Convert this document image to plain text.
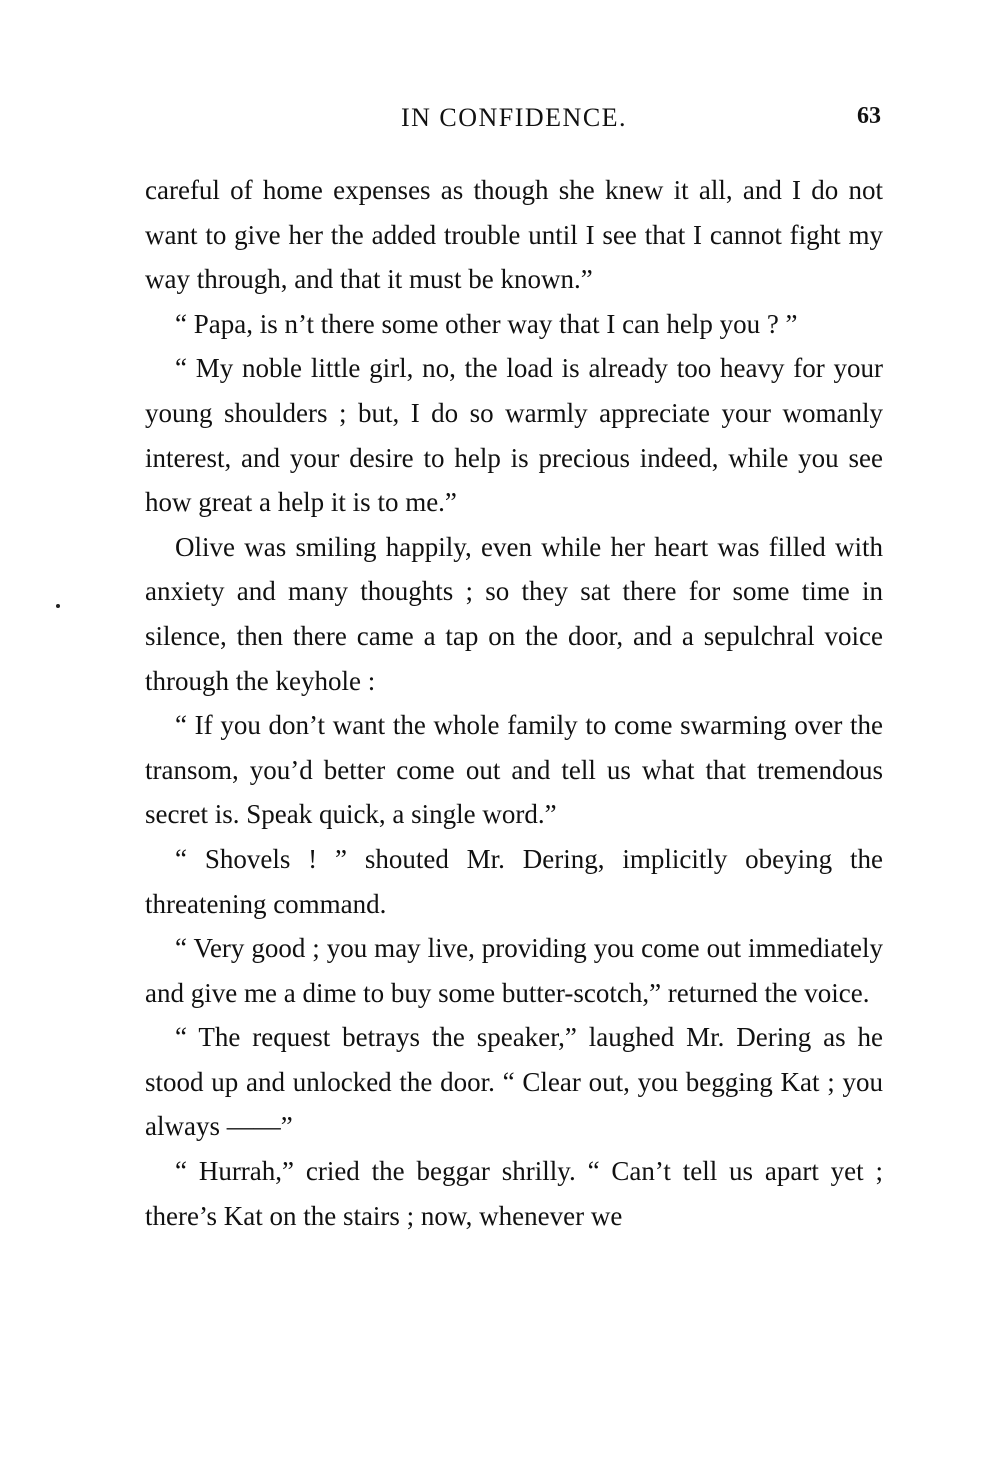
IN CONFIDENCE.	63

careful of home expenses as though she knew it all, and I do not want to give her the added trouble until I see that I cannot fight my way through, and that it must be known.”

“ Papa, is n’t there some other way that I can help you ? ”

“ My noble little girl, no, the load is already too heavy for your young shoulders ; but, I do so warmly appreciate your womanly interest, and your desire to help is precious indeed, while you see how great a help it is to me.”

Olive was smiling happily, even while her heart was filled with anxiety and many thoughts ; so they sat there for some time in silence, then there came a tap on the door, and a sepulchral voice through the keyhole :

“ If you don’t want the whole family to come swarming over the transom, you’d better come out and tell us what that tremendous secret is. Speak quick, a single word.”

“ Shovels ! ” shouted Mr. Dering, implicitly obeying the threatening command.

“ Very good ; you may live, providing you come out immediately and give me a dime to buy some butter-scotch,” returned the voice.

“ The request betrays the speaker,” laughed Mr. Dering as he stood up and unlocked the door. “ Clear out, you begging Kat ; you always ——”

“ Hurrah,” cried the beggar shrilly. “ Can’t tell us apart yet ; there’s Kat on the stairs ; now, whenever we
